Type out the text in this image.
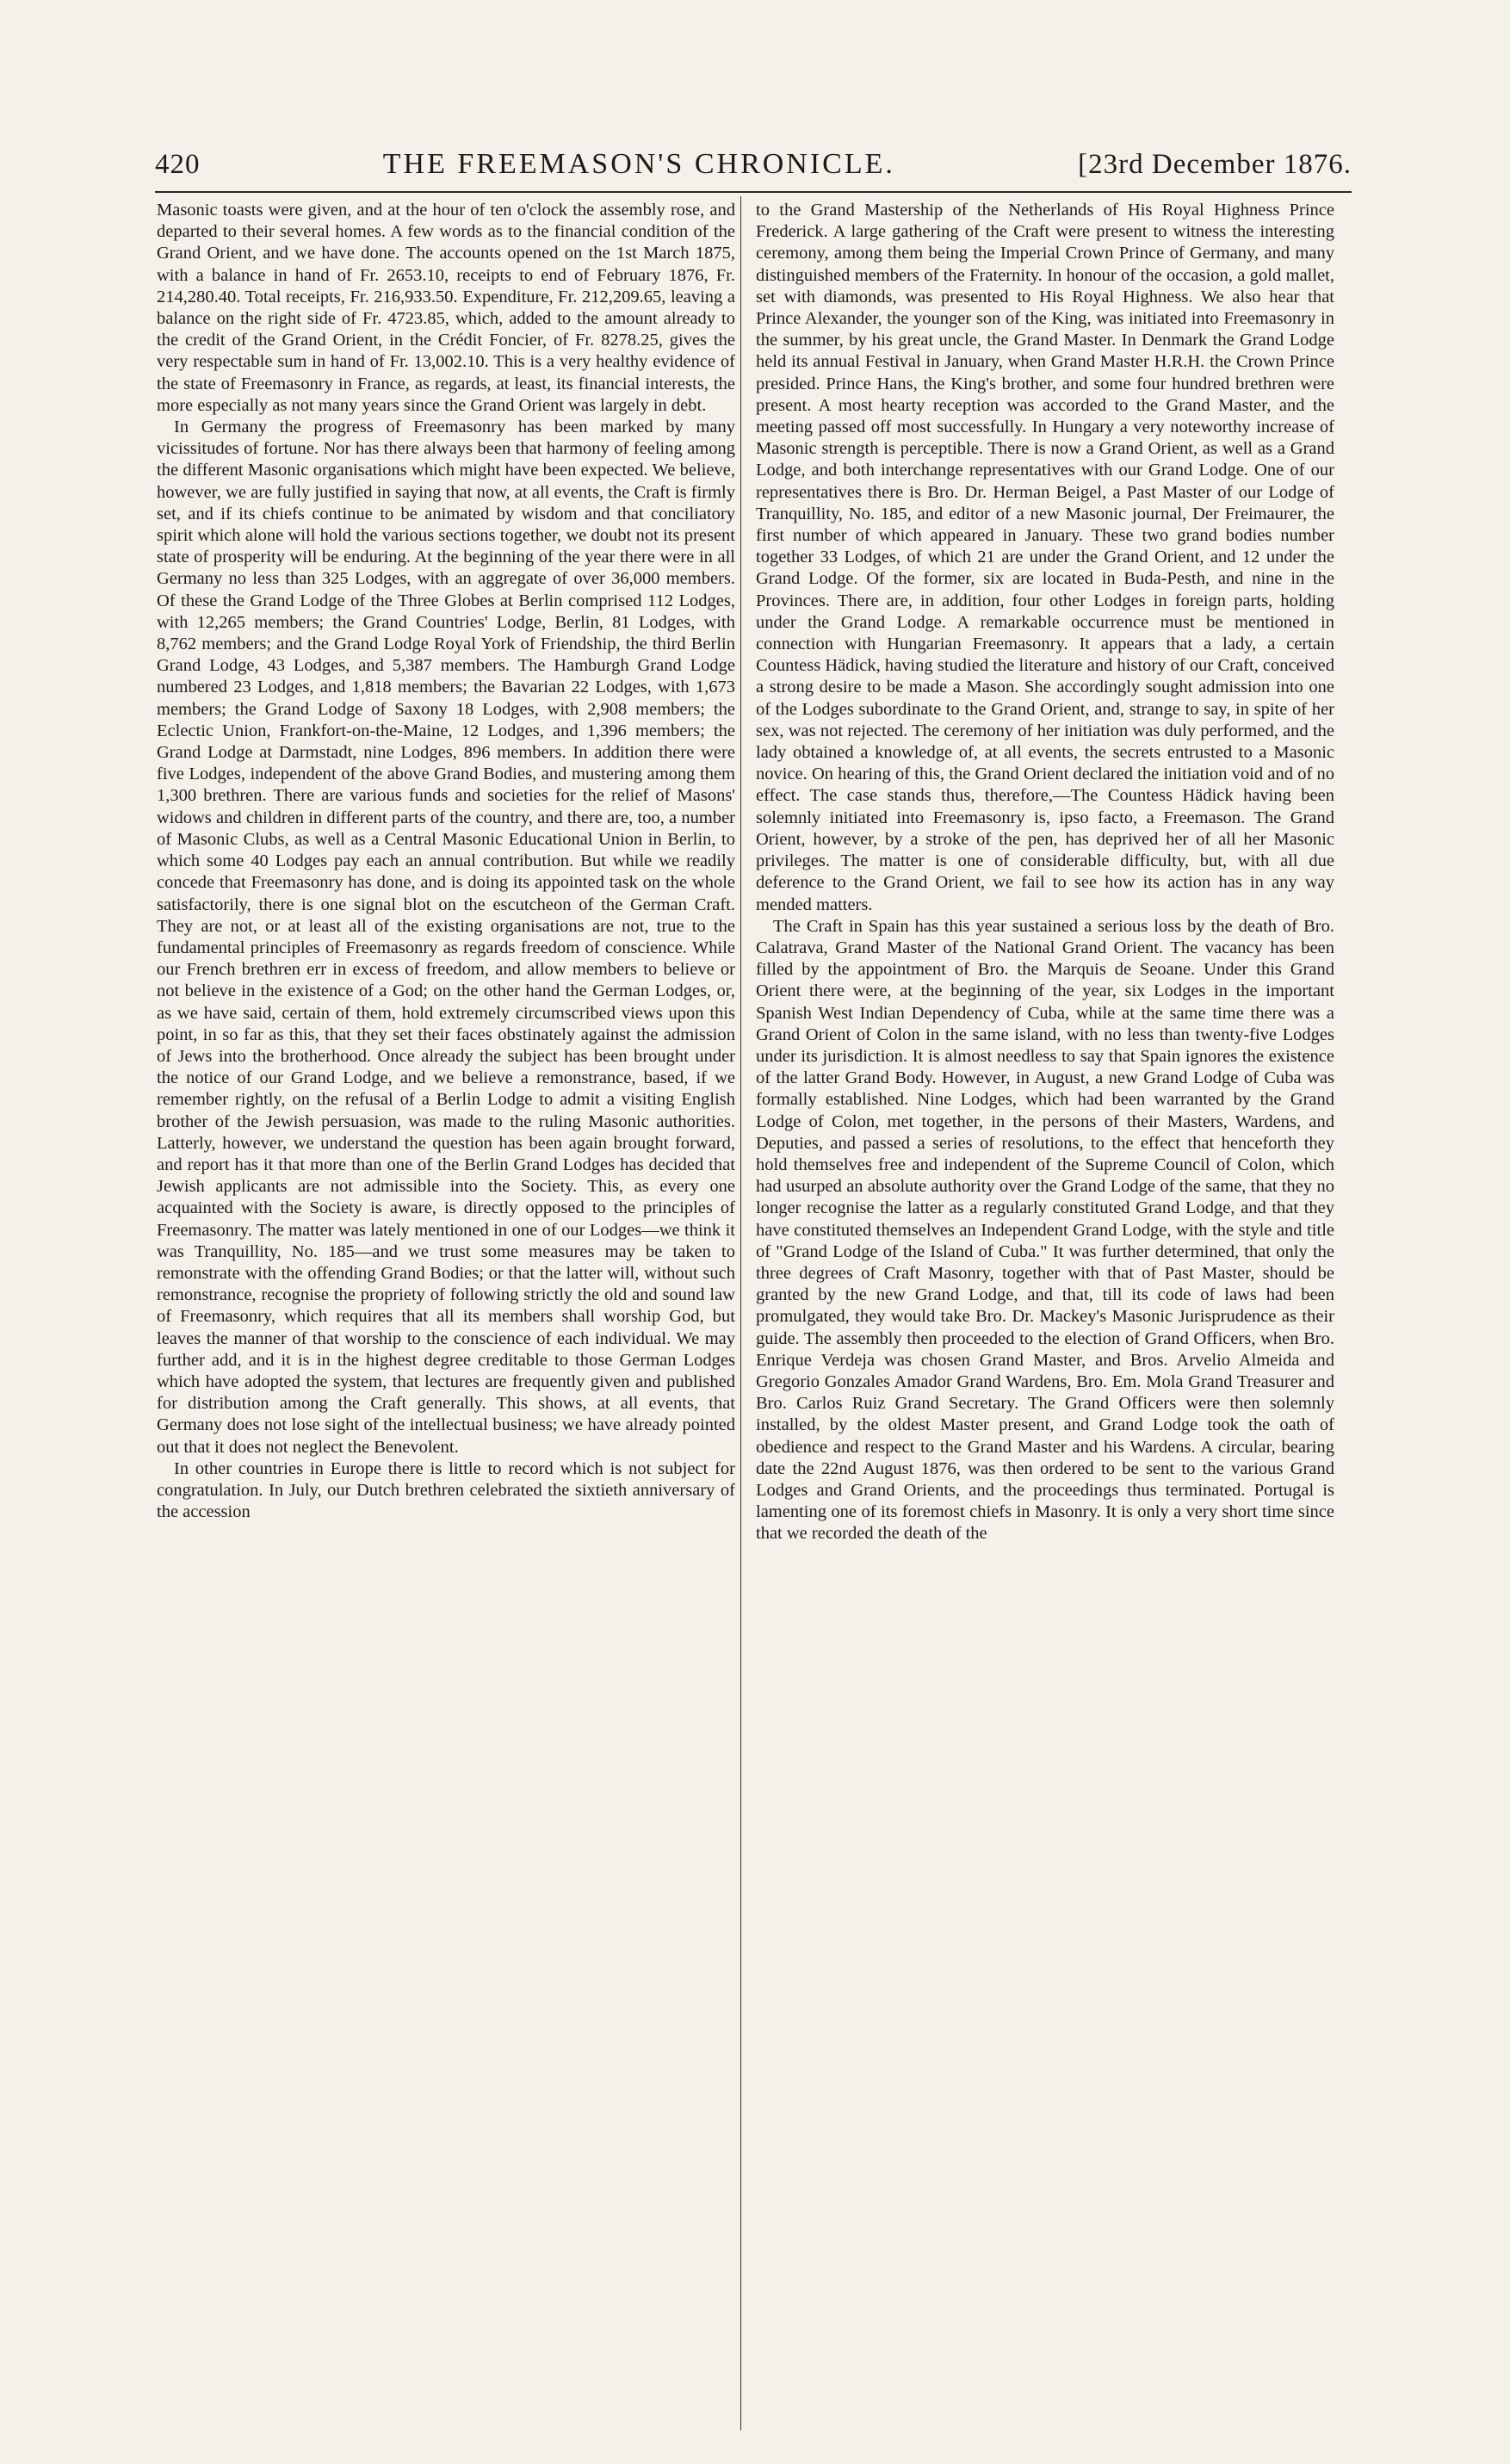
420	THE FREEMASON'S CHRONICLE.	[23rd December 1876.

Masonic toasts were given, and at the hour of ten o'clock the assembly rose, and departed to their several homes. A few words as to the financial condition of the Grand Orient, and we have done. The accounts opened on the 1st March 1875, with a balance in hand of Fr. 2653.10, receipts to end of February 1876, Fr. 214,280.40. Total receipts, Fr. 216,933.50. Expenditure, Fr. 212,209.65, leaving a balance on the right side of Fr. 4723.85, which, added to the amount already to the credit of the Grand Orient, in the Crédit Foncier, of Fr. 8278.25, gives the very respectable sum in hand of Fr. 13,002.10. This is a very healthy evidence of the state of Freemasonry in France, as regards, at least, its financial interests, the more especially as not many years since the Grand Orient was largely in debt.

In Germany the progress of Freemasonry has been marked by many vicissitudes of fortune. Nor has there always been that harmony of feeling among the different Masonic organisations which might have been expected. We believe, however, we are fully justified in saying that now, at all events, the Craft is firmly set, and if its chiefs continue to be animated by wisdom and that conciliatory spirit which alone will hold the various sections together, we doubt not its present state of prosperity will be enduring. At the beginning of the year there were in all Germany no less than 325 Lodges, with an aggregate of over 36,000 members. Of these the Grand Lodge of the Three Globes at Berlin comprised 112 Lodges, with 12,265 members; the Grand Countries' Lodge, Berlin, 81 Lodges, with 8,762 members; and the Grand Lodge Royal York of Friendship, the third Berlin Grand Lodge, 43 Lodges, and 5,387 members. The Hamburgh Grand Lodge numbered 23 Lodges, and 1,818 members; the Bavarian 22 Lodges, with 1,673 members; the Grand Lodge of Saxony 18 Lodges, with 2,908 members; the Eclectic Union, Frankfort-on-the-Maine, 12 Lodges, and 1,396 members; the Grand Lodge at Darmstadt, nine Lodges, 896 members. In addition there were five Lodges, independent of the above Grand Bodies, and mustering among them 1,300 brethren. There are various funds and societies for the relief of Masons' widows and children in different parts of the country, and there are, too, a number of Masonic Clubs, as well as a Central Masonic Educational Union in Berlin, to which some 40 Lodges pay each an annual contribution. But while we readily concede that Freemasonry has done, and is doing its appointed task on the whole satisfactorily, there is one signal blot on the escutcheon of the German Craft. They are not, or at least all of the existing organisations are not, true to the fundamental principles of Freemasonry as regards freedom of conscience. While our French brethren err in excess of freedom, and allow members to believe or not believe in the existence of a God; on the other hand the German Lodges, or, as we have said, certain of them, hold extremely circumscribed views upon this point, in so far as this, that they set their faces obstinately against the admission of Jews into the brotherhood. Once already the subject has been brought under the notice of our Grand Lodge, and we believe a remonstrance, based, if we remember rightly, on the refusal of a Berlin Lodge to admit a visiting English brother of the Jewish persuasion, was made to the ruling Masonic authorities. Latterly, however, we understand the question has been again brought forward, and report has it that more than one of the Berlin Grand Lodges has decided that Jewish applicants are not admissible into the Society. This, as every one acquainted with the Society is aware, is directly opposed to the principles of Freemasonry. The matter was lately mentioned in one of our Lodges—we think it was Tranquillity, No. 185—and we trust some measures may be taken to remonstrate with the offending Grand Bodies; or that the latter will, without such remonstrance, recognise the propriety of following strictly the old and sound law of Freemasonry, which requires that all its members shall worship God, but leaves the manner of that worship to the conscience of each individual. We may further add, and it is in the highest degree creditable to those German Lodges which have adopted the system, that lectures are frequently given and published for distribution among the Craft generally. This shows, at all events, that Germany does not lose sight of the intellectual business; we have already pointed out that it does not neglect the Benevolent.

In other countries in Europe there is little to record which is not subject for congratulation. In July, our Dutch brethren celebrated the sixtieth anniversary of the accession

to the Grand Mastership of the Netherlands of His Royal Highness Prince Frederick. A large gathering of the Craft were present to witness the interesting ceremony, among them being the Imperial Crown Prince of Germany, and many distinguished members of the Fraternity. In honour of the occasion, a gold mallet, set with diamonds, was presented to His Royal Highness. We also hear that Prince Alexander, the younger son of the King, was initiated into Freemasonry in the summer, by his great uncle, the Grand Master. In Denmark the Grand Lodge held its annual Festival in January, when Grand Master H.R.H. the Crown Prince presided. Prince Hans, the King's brother, and some four hundred brethren were present. A most hearty reception was accorded to the Grand Master, and the meeting passed off most successfully. In Hungary a very noteworthy increase of Masonic strength is perceptible. There is now a Grand Orient, as well as a Grand Lodge, and both interchange representatives with our Grand Lodge. One of our representatives there is Bro. Dr. Herman Beigel, a Past Master of our Lodge of Tranquillity, No. 185, and editor of a new Masonic journal, Der Freimaurer, the first number of which appeared in January. These two grand bodies number together 33 Lodges, of which 21 are under the Grand Orient, and 12 under the Grand Lodge. Of the former, six are located in Buda-Pesth, and nine in the Provinces. There are, in addition, four other Lodges in foreign parts, holding under the Grand Lodge. A remarkable occurrence must be mentioned in connection with Hungarian Freemasonry. It appears that a lady, a certain Countess Hädick, having studied the literature and history of our Craft, conceived a strong desire to be made a Mason. She accordingly sought admission into one of the Lodges subordinate to the Grand Orient, and, strange to say, in spite of her sex, was not rejected. The ceremony of her initiation was duly performed, and the lady obtained a knowledge of, at all events, the secrets entrusted to a Masonic novice. On hearing of this, the Grand Orient declared the initiation void and of no effect. The case stands thus, therefore,—The Countess Hädick having been solemnly initiated into Freemasonry is, ipso facto, a Freemason. The Grand Orient, however, by a stroke of the pen, has deprived her of all her Masonic privileges. The matter is one of considerable difficulty, but, with all due deference to the Grand Orient, we fail to see how its action has in any way mended matters.

The Craft in Spain has this year sustained a serious loss by the death of Bro. Calatrava, Grand Master of the National Grand Orient. The vacancy has been filled by the appointment of Bro. the Marquis de Seoane. Under this Grand Orient there were, at the beginning of the year, six Lodges in the important Spanish West Indian Dependency of Cuba, while at the same time there was a Grand Orient of Colon in the same island, with no less than twenty-five Lodges under its jurisdiction. It is almost needless to say that Spain ignores the existence of the latter Grand Body. However, in August, a new Grand Lodge of Cuba was formally established. Nine Lodges, which had been warranted by the Grand Lodge of Colon, met together, in the persons of their Masters, Wardens, and Deputies, and passed a series of resolutions, to the effect that henceforth they hold themselves free and independent of the Supreme Council of Colon, which had usurped an absolute authority over the Grand Lodge of the same, that they no longer recognise the latter as a regularly constituted Grand Lodge, and that they have constituted themselves an Independent Grand Lodge, with the style and title of "Grand Lodge of the Island of Cuba." It was further determined, that only the three degrees of Craft Masonry, together with that of Past Master, should be granted by the new Grand Lodge, and that, till its code of laws had been promulgated, they would take Bro. Dr. Mackey's Masonic Jurisprudence as their guide. The assembly then proceeded to the election of Grand Officers, when Bro. Enrique Verdeja was chosen Grand Master, and Bros. Arvelio Almeida and Gregorio Gonzales Amador Grand Wardens, Bro. Em. Mola Grand Treasurer and Bro. Carlos Ruiz Grand Secretary. The Grand Officers were then solemnly installed, by the oldest Master present, and Grand Lodge took the oath of obedience and respect to the Grand Master and his Wardens. A circular, bearing date the 22nd August 1876, was then ordered to be sent to the various Grand Lodges and Grand Orients, and the proceedings thus terminated. Portugal is lamenting one of its foremost chiefs in Masonry. It is only a very short time since that we recorded the death of the
